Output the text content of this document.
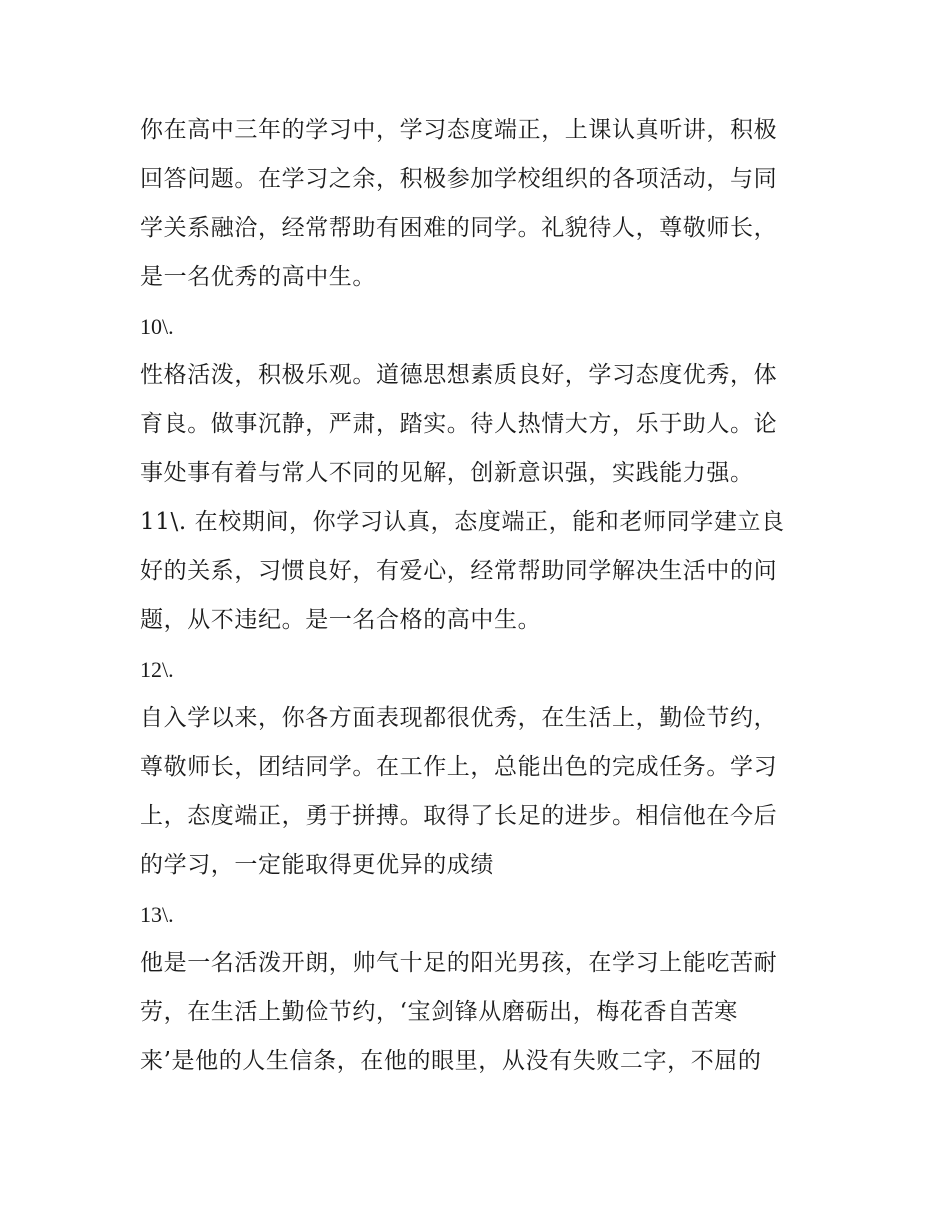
你在高中三年的学习中，学习态度端正，上课认真听讲，积极
回答问题。在学习之余，积极参加学校组织的各项活动，与同
学关系融洽，经常帮助有困难的同学。礼貌待人，尊敬师长，
是一名优秀的高中生。
10\.
性格活泼，积极乐观。道德思想素质良好，学习态度优秀，体
育良。做事沉静，严肃，踏实。待人热情大方，乐于助人。论
事处事有着与常人不同的见解，创新意识强，实践能力强。
11\. 在校期间，你学习认真，态度端正，能和老师同学建立良
好的关系，习惯良好，有爱心，经常帮助同学解决生活中的问
题，从不违纪。是一名合格的高中生。
12\.
自入学以来，你各方面表现都很优秀，在生活上，勤俭节约，
尊敬师长，团结同学。在工作上，总能出色的完成任务。学习
上，态度端正，勇于拼搏。取得了长足的进步。相信他在今后
的学习，一定能取得更优异的成绩
13\.
他是一名活泼开朗，帅气十足的阳光男孩，在学习上能吃苦耐
劳，在生活上勤俭节约，‘宝剑锋从磨砺出，梅花香自苦寒
来’是他的人生信条，在他的眼里，从没有失败二字，不屈的
